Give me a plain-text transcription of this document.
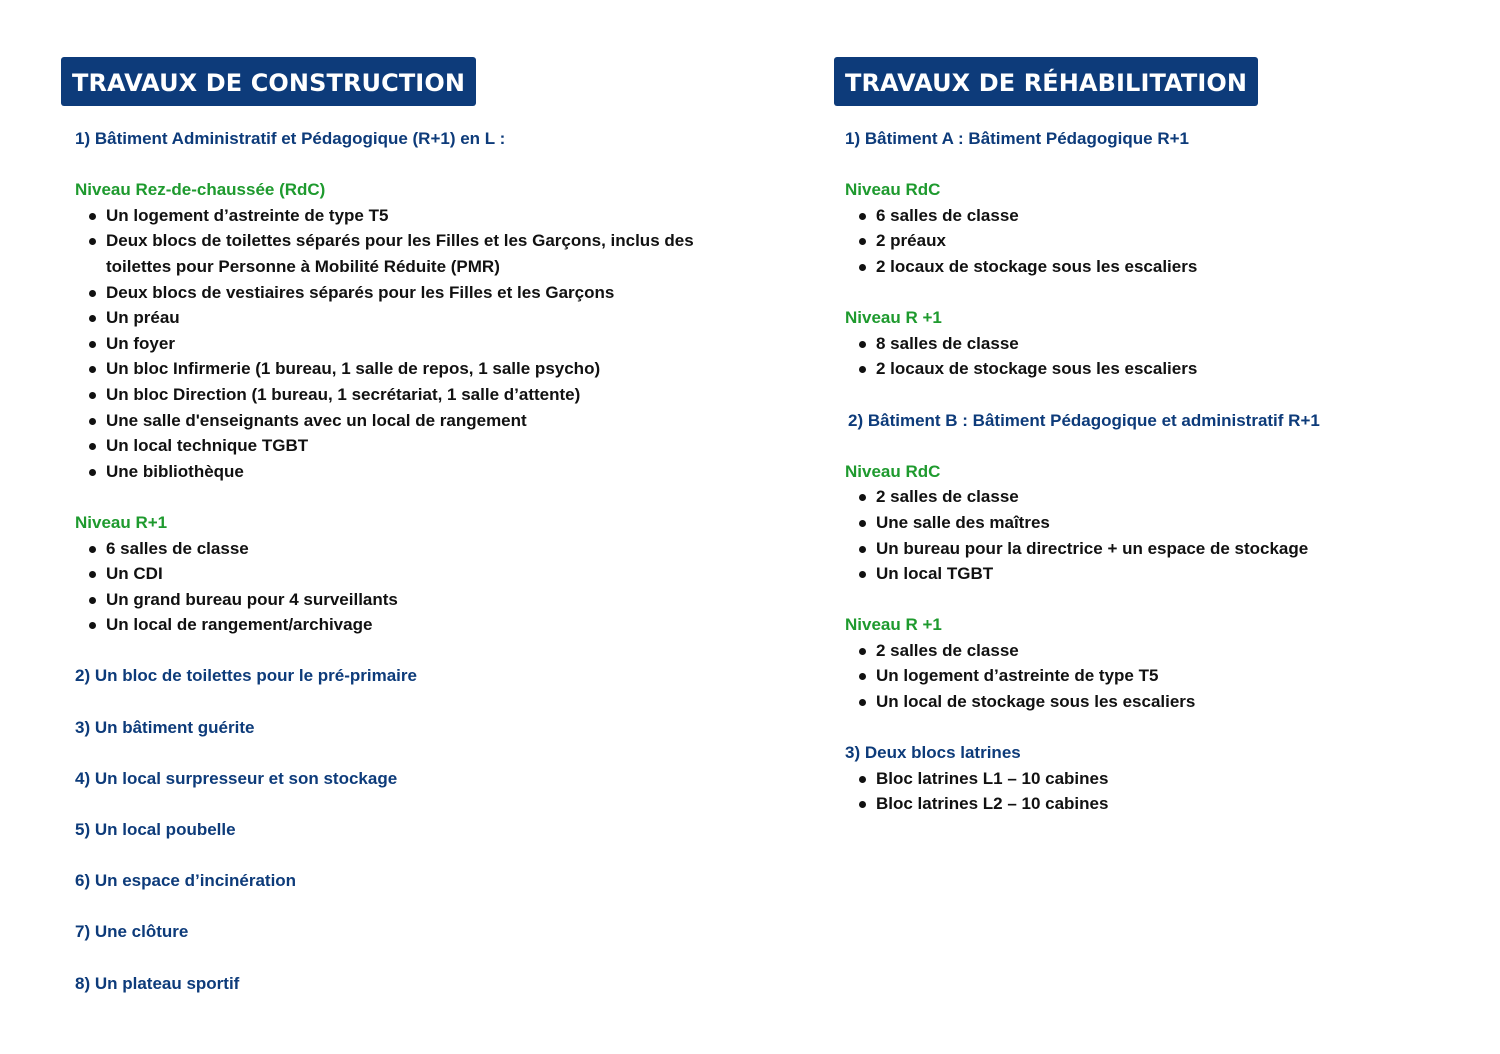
TRAVAUX DE CONSTRUCTION
1) Bâtiment Administratif et Pédagogique (R+1) en L :
Niveau Rez-de-chaussée (RdC)
Un logement d’astreinte de type T5
Deux blocs de toilettes séparés pour les Filles et les Garçons, inclus des toilettes pour Personne à Mobilité Réduite (PMR)
Deux blocs de vestiaires séparés pour les Filles et les Garçons
Un préau
Un foyer
Un bloc Infirmerie (1 bureau, 1 salle de repos, 1 salle psycho)
Un bloc Direction (1 bureau, 1 secrétariat, 1 salle d’attente)
Une salle d'enseignants avec un local de rangement
Un local technique TGBT
Une bibliothèque
Niveau R+1
6 salles de classe
Un CDI
Un grand bureau pour 4 surveillants
Un local de rangement/archivage
2) Un bloc de toilettes pour le pré-primaire
3) Un bâtiment guérite
4) Un local surpresseur et son stockage
5) Un local poubelle
6) Un espace d’incinération
7) Une clôture
8) Un plateau sportif
TRAVAUX DE RÉHABILITATION
1) Bâtiment A : Bâtiment Pédagogique R+1
Niveau RdC
6 salles de classe
2 préaux
2 locaux de stockage sous les escaliers
Niveau R +1
8 salles de classe
2 locaux de stockage sous les escaliers
2) Bâtiment B : Bâtiment Pédagogique et administratif R+1
Niveau RdC
2 salles de classe
Une salle des maîtres
Un bureau pour la directrice + un espace de stockage
Un local TGBT
Niveau R +1
2 salles de classe
Un logement d’astreinte de type T5
Un local de stockage sous les escaliers
3) Deux blocs latrines
Bloc latrines L1 – 10 cabines
Bloc latrines L2 – 10 cabines
